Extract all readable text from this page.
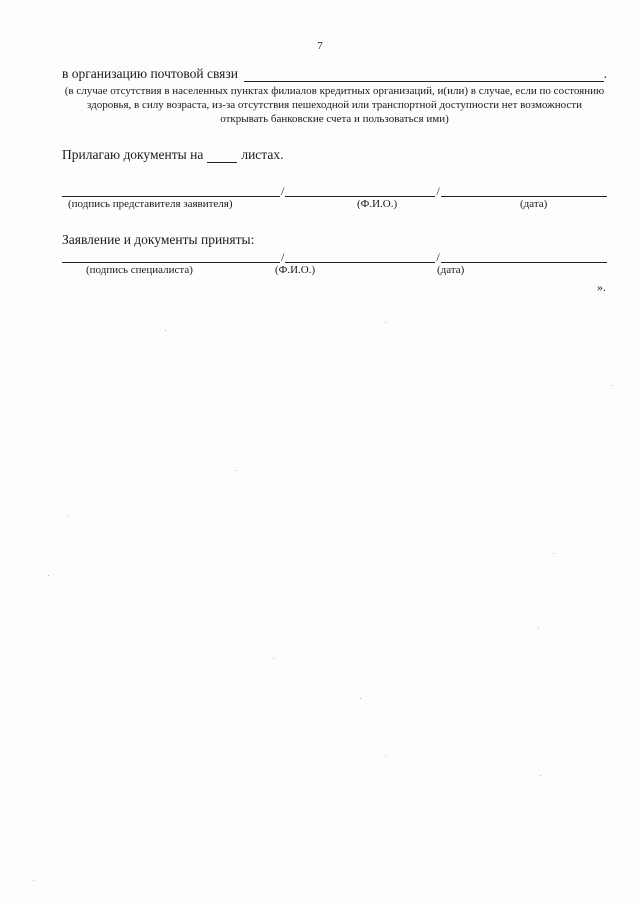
7
в организацию почтовой связи	.
(в случае отсутствия в населенных пунктах филиалов кредитных организаций, и(или) в случае, если по состоянию здоровья, в силу возраста, из-за отсутствия пешеходной или транспортной доступности нет возможности открывать банковские счета и пользоваться ими)
Прилагаю документы на	листах.
/	/
(подпись представителя заявителя)	(Ф.И.О.)	(дата)
Заявление и документы приняты:
/	/
(подпись специалиста)	(Ф.И.О.)	(дата)
».
